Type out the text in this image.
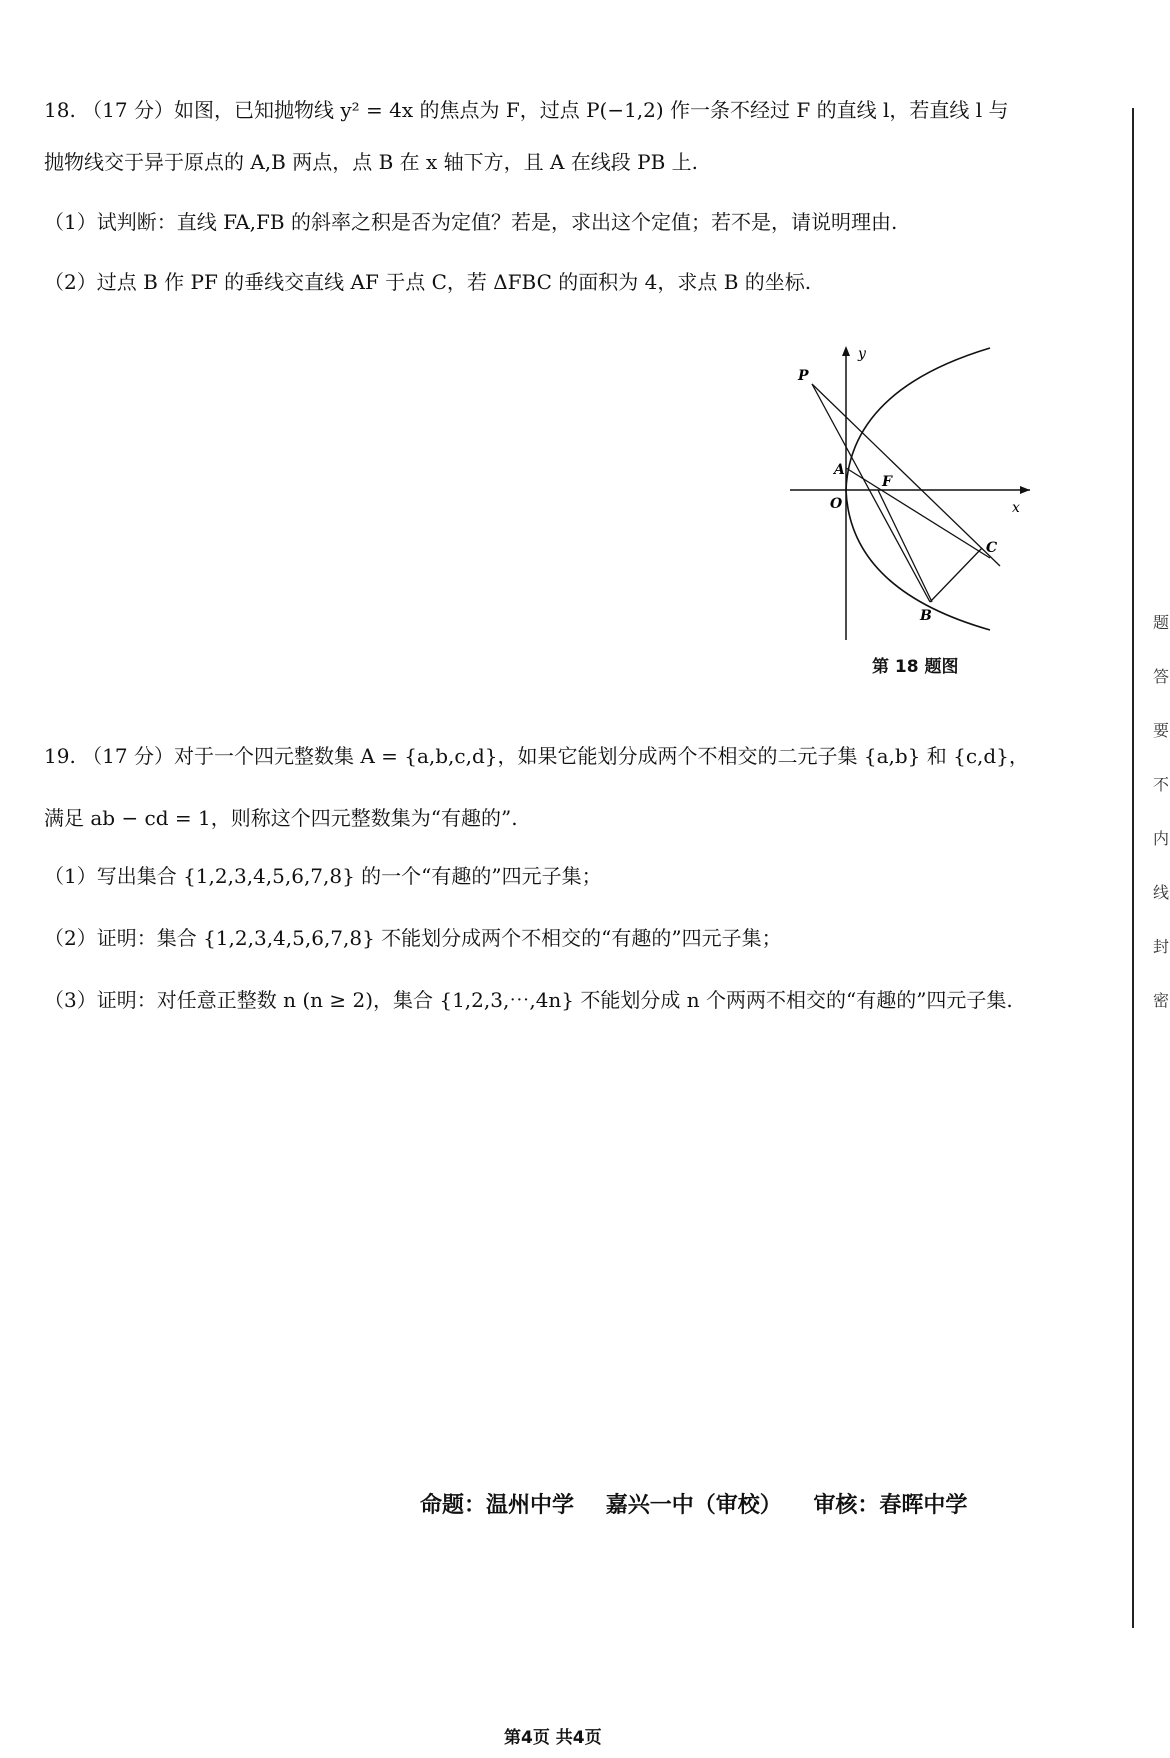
18. （17 分）如图，已知抛物线 y² = 4x 的焦点为 F，过点 P(−1,2) 作一条不经过 F 的直线 l，若直线 l 与
抛物线交于异于原点的 A,B 两点，点 B 在 x 轴下方，且 A 在线段 PB 上.
（1）试判断：直线 FA,FB 的斜率之积是否为定值？若是，求出这个定值；若不是，请说明理由.
（2）过点 B 作 PF 的垂线交直线 AF 于点 C，若 ΔFBC 的面积为 4，求点 B 的坐标.
y
x
P
A
F
O
C
B
第 18 题图
19. （17 分）对于一个四元整数集 A = {a,b,c,d}，如果它能划分成两个不相交的二元子集 {a,b} 和 {c,d}，
满足 ab − cd = 1，则称这个四元整数集为“有趣的”.
（1）写出集合 {1,2,3,4,5,6,7,8} 的一个“有趣的”四元子集；
（2）证明：集合 {1,2,3,4,5,6,7,8} 不能划分成两个不相交的“有趣的”四元子集；
（3）证明：对任意正整数 n (n ≥ 2)，集合 {1,2,3,⋯,4n} 不能划分成 n 个两两不相交的“有趣的”四元子集.
命题：温州中学 嘉兴一中（审校） 审核：春晖中学
第4页 共4页
题答要不内线封密
